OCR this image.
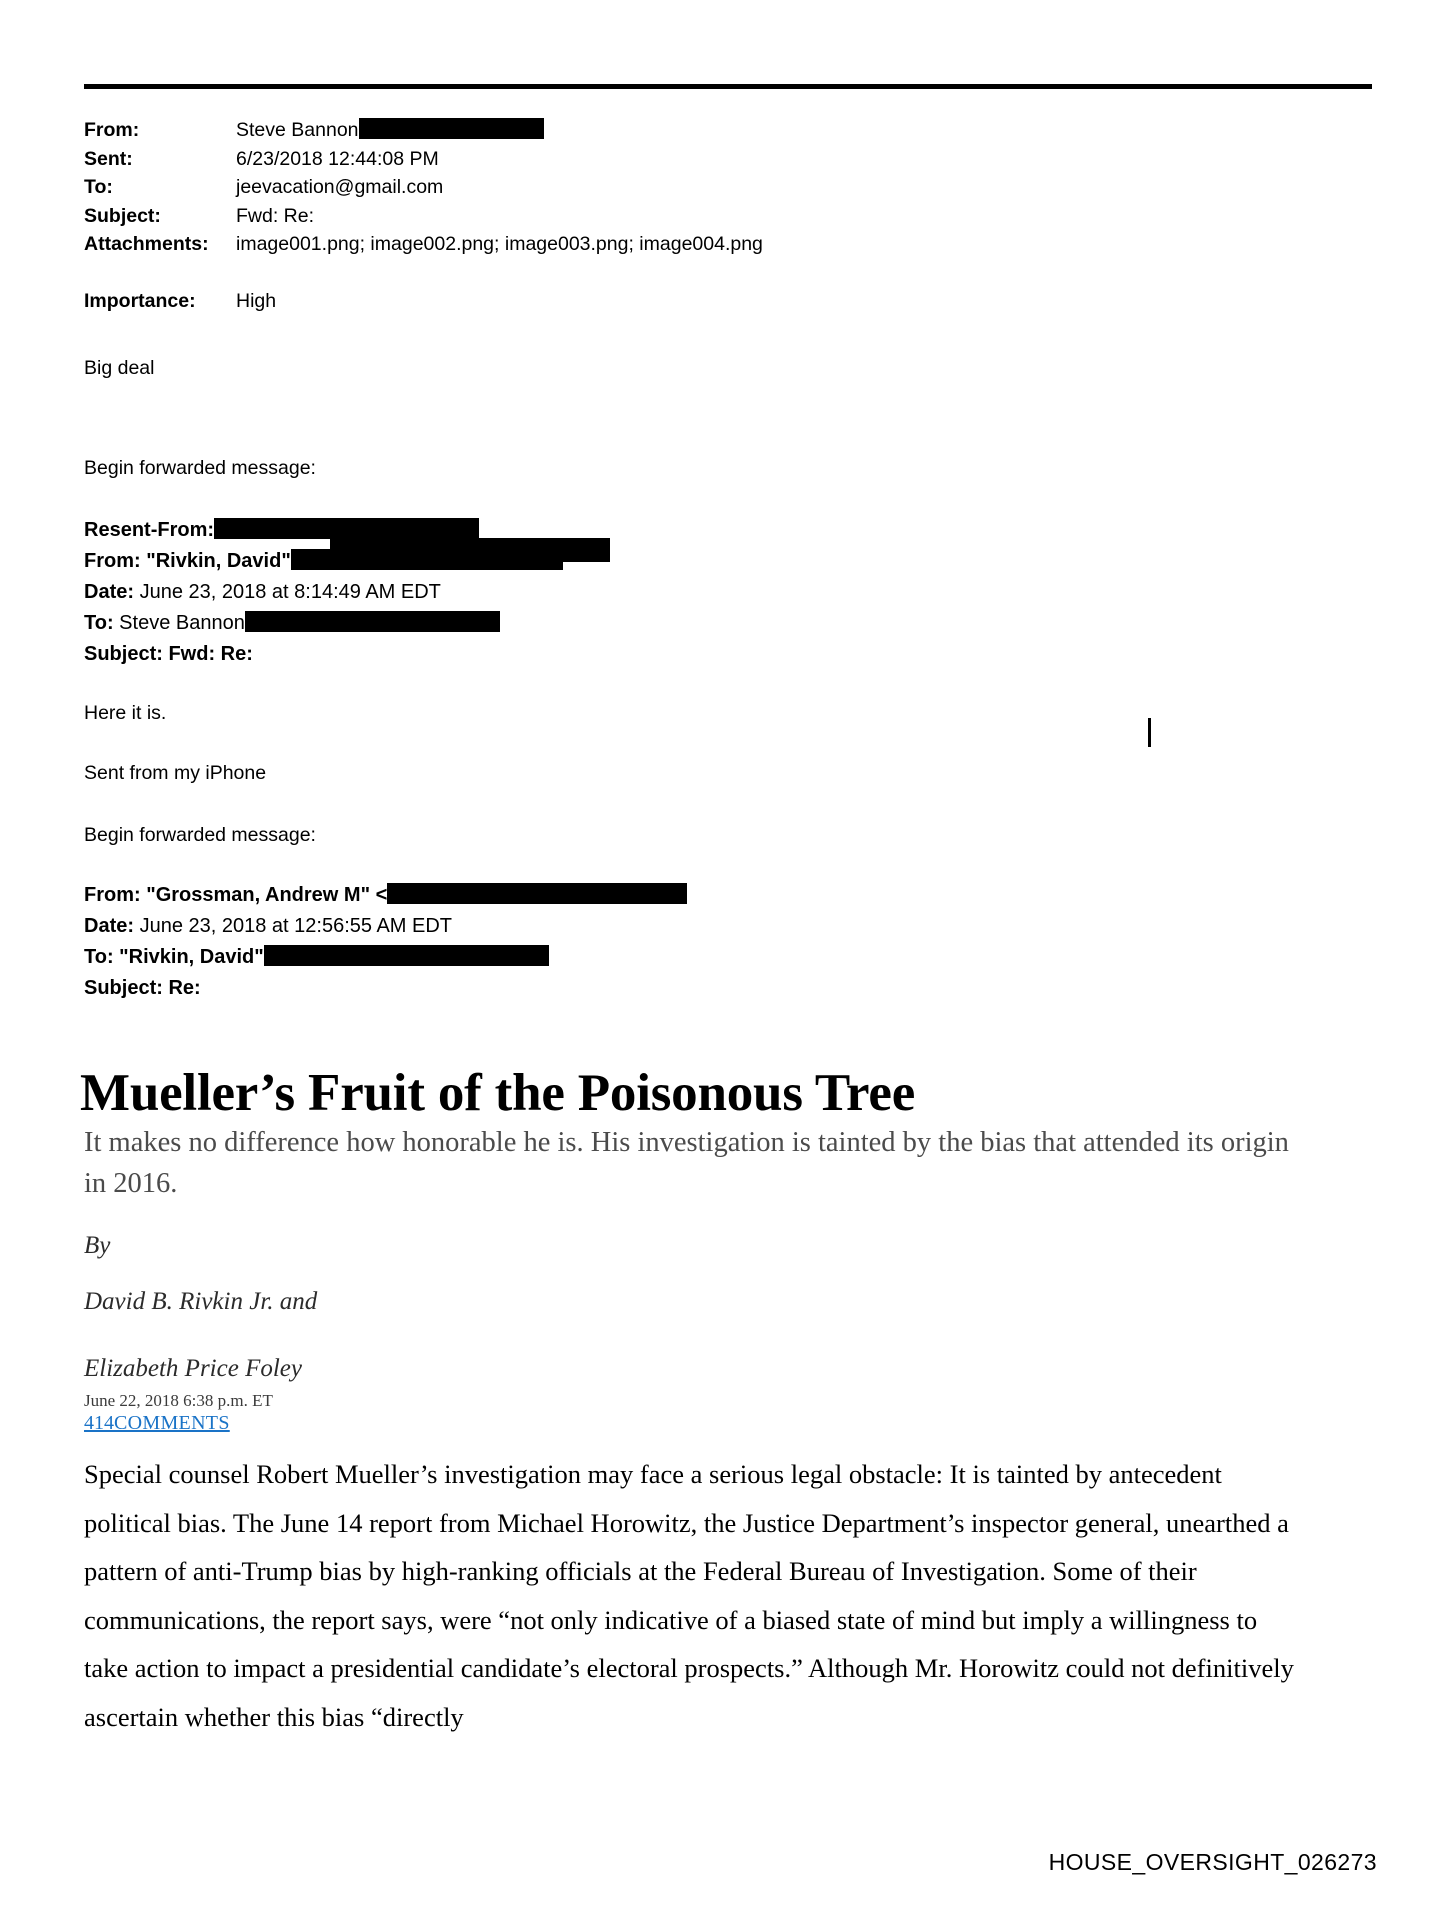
From:	Steve Bannon
Sent:	6/23/2018 12:44:08 PM
To:	jeevacation@gmail.com
Subject:	Fwd: Re:
Attachments:	image001.png; image002.png; image003.png; image004.png
Importance:	High
Big deal
Begin forwarded message:
Resent-From:
From: "Rivkin, David"
Date: June 23, 2018 at 8:14:49 AM EDT
To: Steve Bannon
Subject: Fwd: Re:
Here it is.
Sent from my iPhone
Begin forwarded message:
From: "Grossman, Andrew M" <
Date: June 23, 2018 at 12:56:55 AM EDT
To: "Rivkin, David"
Subject: Re:
Mueller’s Fruit of the Poisonous Tree
It makes no difference how honorable he is. His investigation is tainted by the bias that attended its origin in 2016.
By
David B. Rivkin Jr. and
Elizabeth Price Foley
June 22, 2018 6:38 p.m. ET
414COMMENTS
Special counsel Robert Mueller’s investigation may face a serious legal obstacle: It is tainted by antecedent political bias. The June 14 report from Michael Horowitz, the Justice Department’s inspector general, unearthed a pattern of anti-Trump bias by high-ranking officials at the Federal Bureau of Investigation. Some of their communications, the report says, were “not only indicative of a biased state of mind but imply a willingness to take action to impact a presidential candidate’s electoral prospects.” Although Mr. Horowitz could not definitively ascertain whether this bias “directly
HOUSE_OVERSIGHT_026273
